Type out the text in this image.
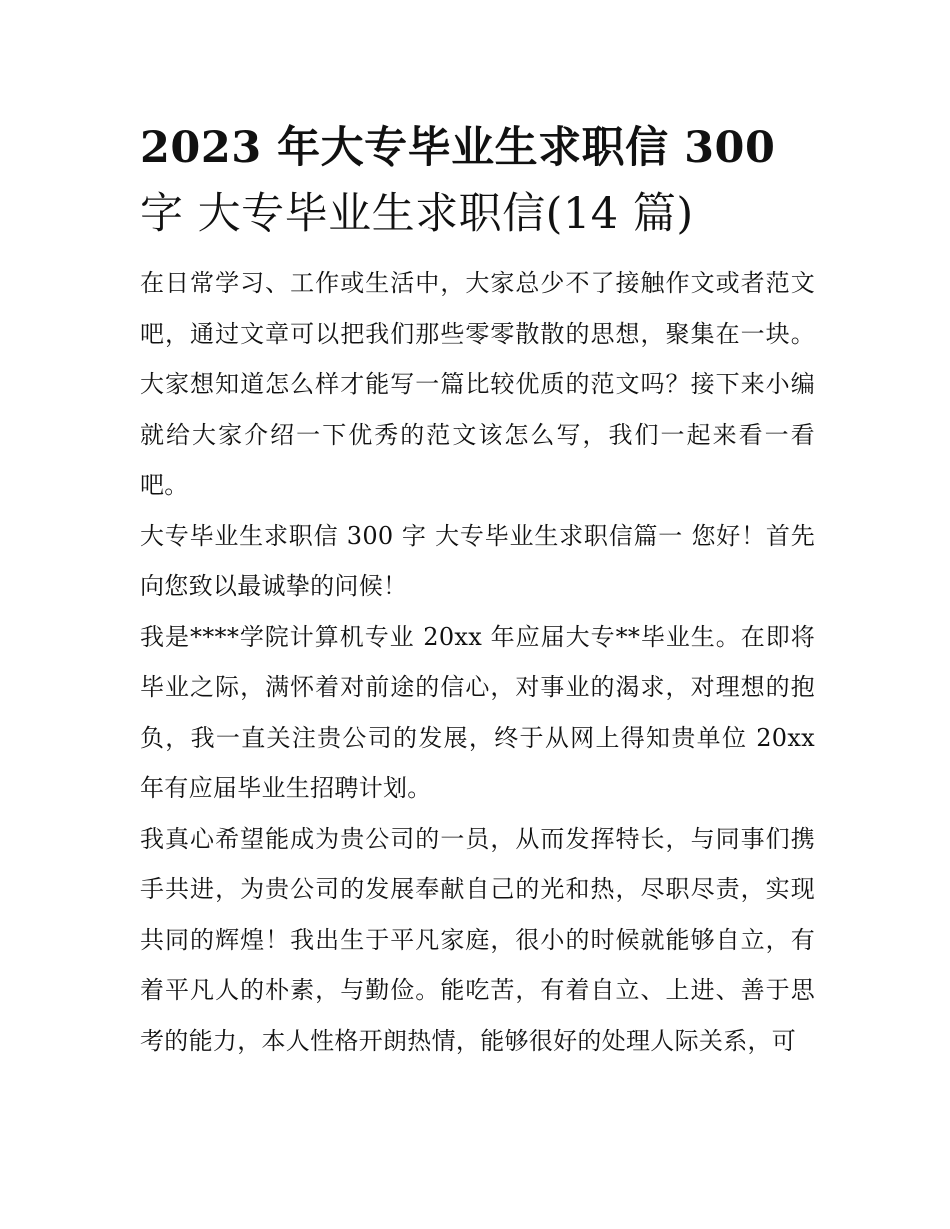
2023 年大专毕业生求职信 300
字 大专毕业生求职信(14 篇)

在日常学习、工作或生活中，大家总少不了接触作文或者范文吧，通过文章可以把我们那些零零散散的思想，聚集在一块。大家想知道怎么样才能写一篇比较优质的范文吗？接下来小编就给大家介绍一下优秀的范文该怎么写，我们一起来看一看吧。

大专毕业生求职信 300 字 大专毕业生求职信篇一 您好！首先向您致以最诚挚的问候！

我是****学院计算机专业 20xx 年应届大专**毕业生。在即将毕业之际，满怀着对前途的信心，对事业的渴求，对理想的抱负，我一直关注贵公司的发展，终于从网上得知贵单位 20xx 年有应届毕业生招聘计划。

我真心希望能成为贵公司的一员，从而发挥特长，与同事们携手共进，为贵公司的发展奉献自己的光和热，尽职尽责，实现共同的辉煌！我出生于平凡家庭，很小的时候就能够自立，有着平凡人的朴素，与勤俭。能吃苦，有着自立、上进、善于思考的能力，本人性格开朗热情，能够很好的处理人际关系，可
